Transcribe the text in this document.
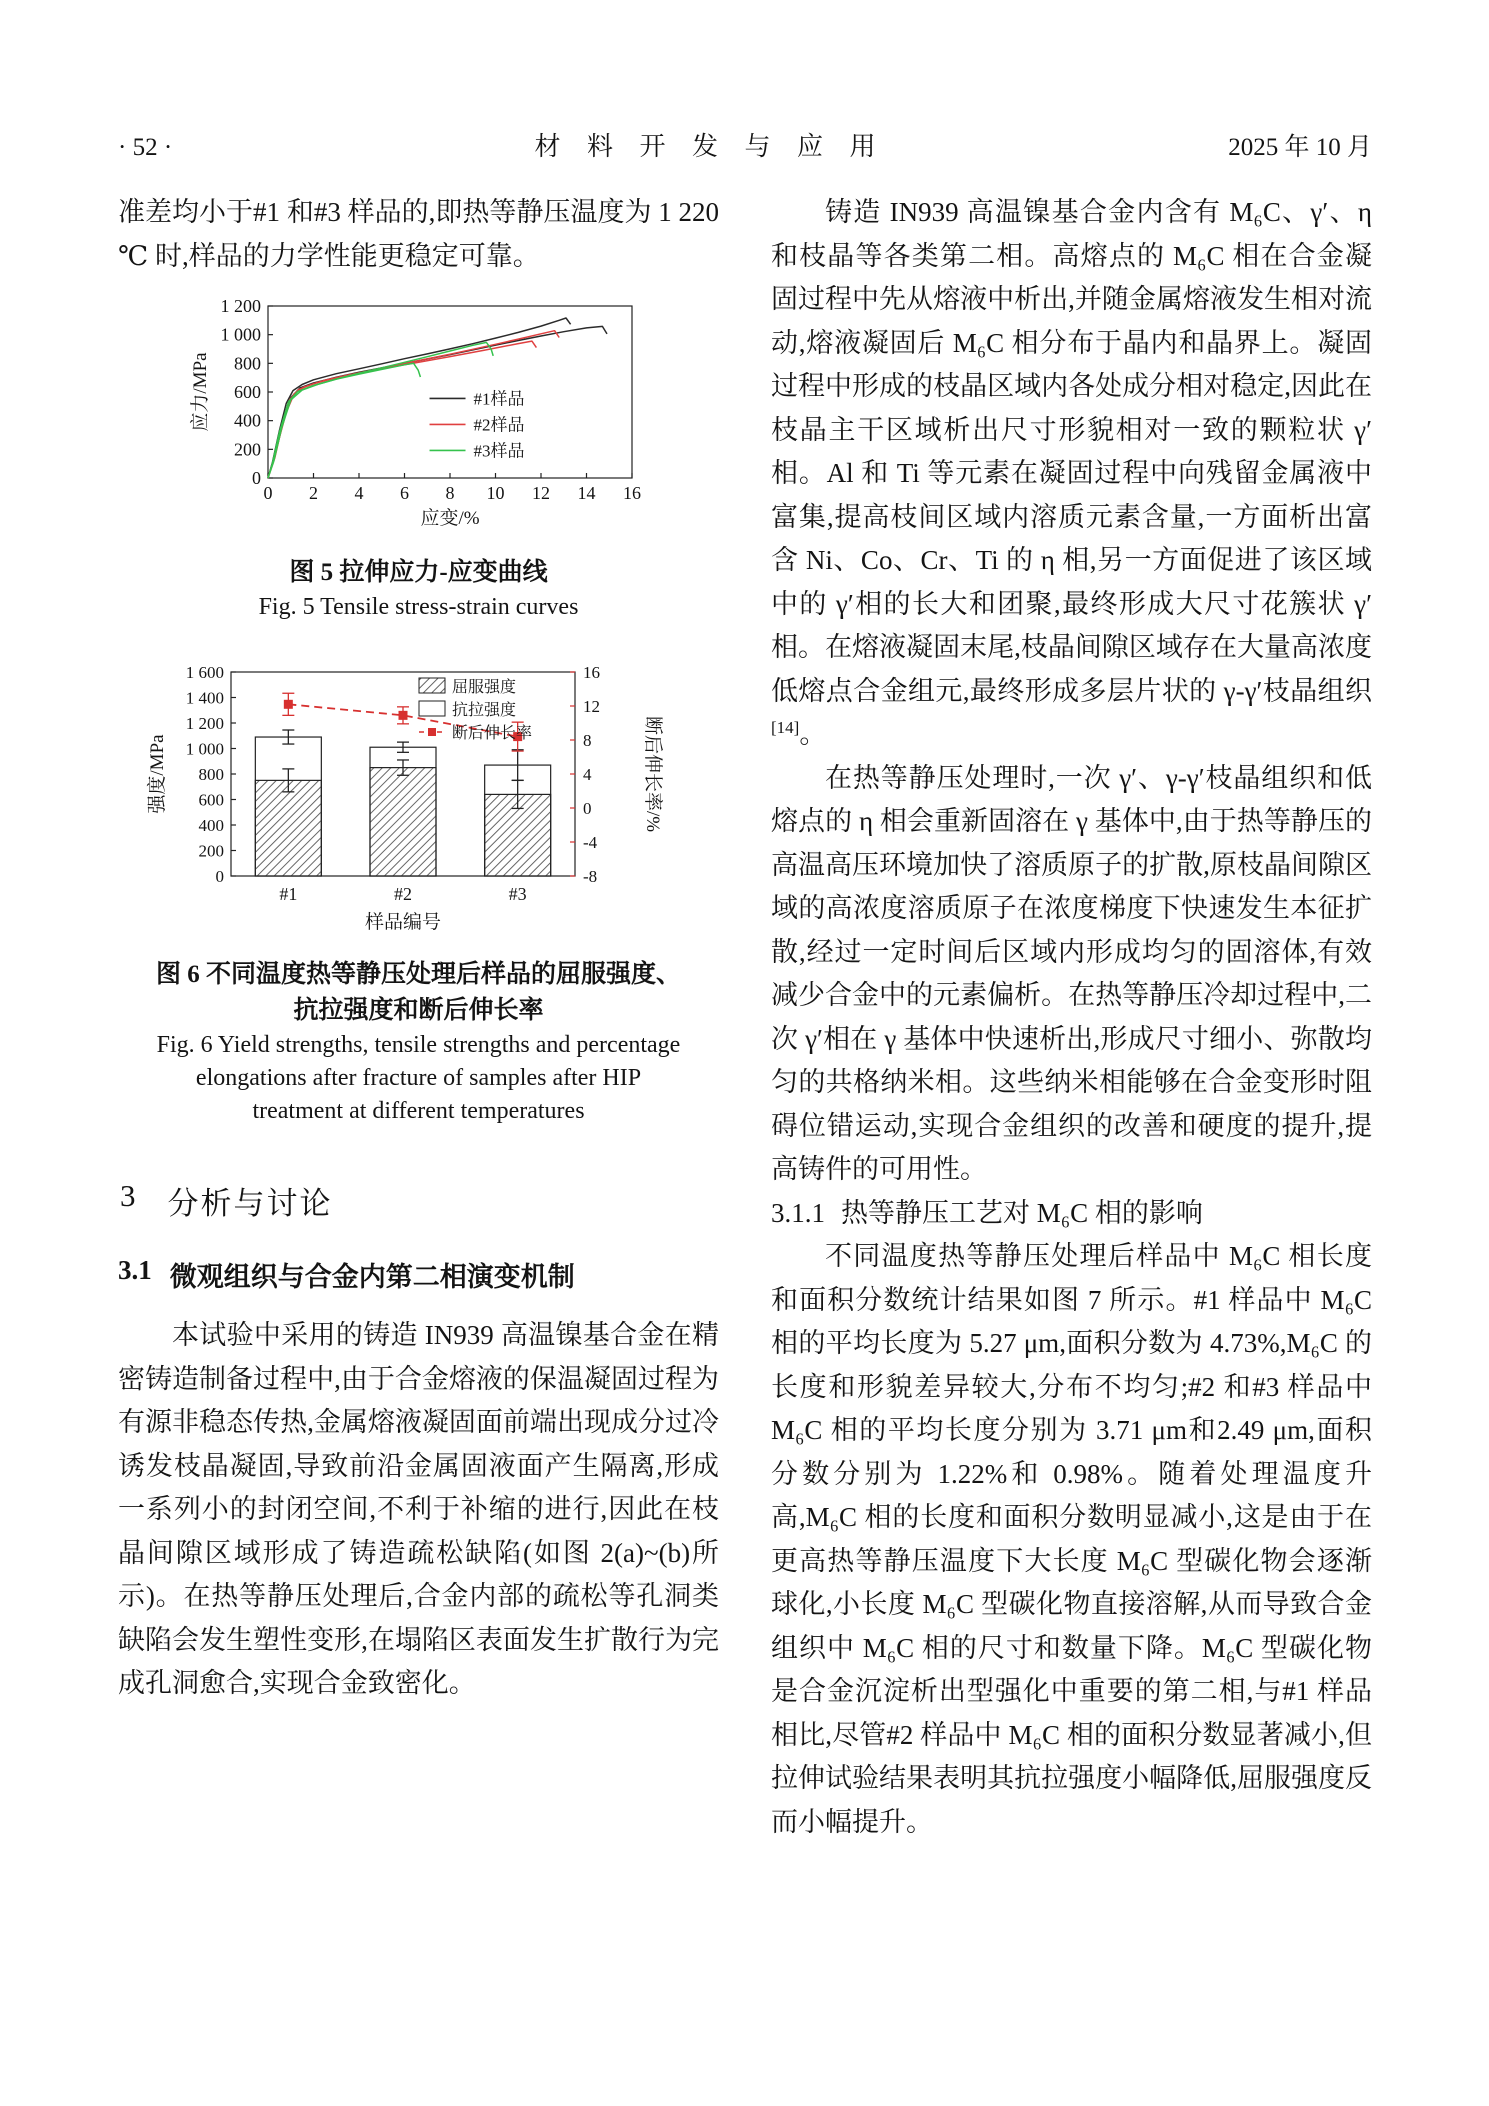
· 52 ·	材 料 开 发 与 应 用	2025 年 10 月

准差均小于#1 和#3 样品的,即热等静压温度为 1 220 ℃ 时,样品的力学性能更稳定可靠。

0 2 4 6 8 10 12 14 16
0
200
400
600
800
1 000
1 200
应变/%
应力/MPa	#1样品
#2样品
#3样品
图 5 拉伸应力-应变曲线
Fig. 5 Tensile stress-strain curves
0
200
400
600
800
1 000
1 200
1 400
1 600
-8
-4
0
4
8
12
16
#1	#2	#3
样品编号
强度/MPa	断后伸长率/%
屈服强度
抗拉强度
断后伸长率
图 6 不同温度热等静压处理后样品的屈服强度、
抗拉强度和断后伸长率
Fig. 6 Yield strengths, tensile strengths and percentage
elongations after fracture of samples after HIP
treatment at different temperatures
3 分析与讨论
3.1 微观组织与合金内第二相演变机制

本试验中采用的铸造 IN939 高温镍基合金在精密铸造制备过程中,由于合金熔液的保温凝固过程为有源非稳态传热,金属熔液凝固面前端出现成分过冷诱发枝晶凝固,导致前沿金属固液面产生隔离,形成一系列小的封闭空间,不利于补缩的进行,因此在枝晶间隙区域形成了铸造疏松缺陷(如图 2(a)~(b)所示)。在热等静压处理后,合金内部的疏松等孔洞类缺陷会发生塑性变形,在塌陷区表面发生扩散行为完成孔洞愈合,实现合金致密化。

铸造 IN939 高温镍基合金内含有 M₆C、γ′、η 和枝晶等各类第二相。高熔点的 M₆C 相在合金凝固过程中先从熔液中析出,并随金属熔液发生相对流动,熔液凝固后 M₆C 相分布于晶内和晶界上。凝固过程中形成的枝晶区域内各处成分相对稳定,因此在枝晶主干区域析出尺寸形貌相对一致的颗粒状 γ′相。Al 和 Ti 等元素在凝固过程中向残留金属液中富集,提高枝间区域内溶质元素含量,一方面析出富含 Ni、Co、Cr、Ti 的 η 相,另一方面促进了该区域中的 γ′相的长大和团聚,最终形成大尺寸花簇状 γ′相。在熔液凝固末尾,枝晶间隙区域存在大量高浓度低熔点合金组元,最终形成多层片状的 γ-γ′枝晶组织[14]。

在热等静压处理时,一次 γ′、γ-γ′枝晶组织和低熔点的 η 相会重新固溶在 γ 基体中,由于热等静压的高温高压环境加快了溶质原子的扩散,原枝晶间隙区域的高浓度溶质原子在浓度梯度下快速发生本征扩散,经过一定时间后区域内形成均匀的固溶体,有效减少合金中的元素偏析。在热等静压冷却过程中,二次 γ′相在 γ 基体中快速析出,形成尺寸细小、弥散均匀的共格纳米相。这些纳米相能够在合金变形时阻碍位错运动,实现合金组织的改善和硬度的提升,提高铸件的可用性。

3.1.1 热等静压工艺对 M₆C 相的影响

不同温度热等静压处理后样品中 M₆C 相长度和面积分数统计结果如图 7 所示。#1 样品中 M₆C 相的平均长度为 5.27 μm,面积分数为 4.73%,M₆C 的长度和形貌差异较大,分布不均匀;#2 和#3 样品中 M₆C 相的平均长度分别为 3.71 μm和2.49 μm,面积分数分别为 1.22%和 0.98%。随着处理温度升高,M₆C 相的长度和面积分数明显减小,这是由于在更高热等静压温度下大长度 M₆C 型碳化物会逐渐球化,小长度 M₆C 型碳化物直接溶解,从而导致合金组织中 M₆C 相的尺寸和数量下降。M₆C 型碳化物是合金沉淀析出型强化中重要的第二相,与#1 样品相比,尽管#2 样品中 M₆C 相的面积分数显著减小,但拉伸试验结果表明其抗拉强度小幅降低,屈服强度反而小幅提升。
